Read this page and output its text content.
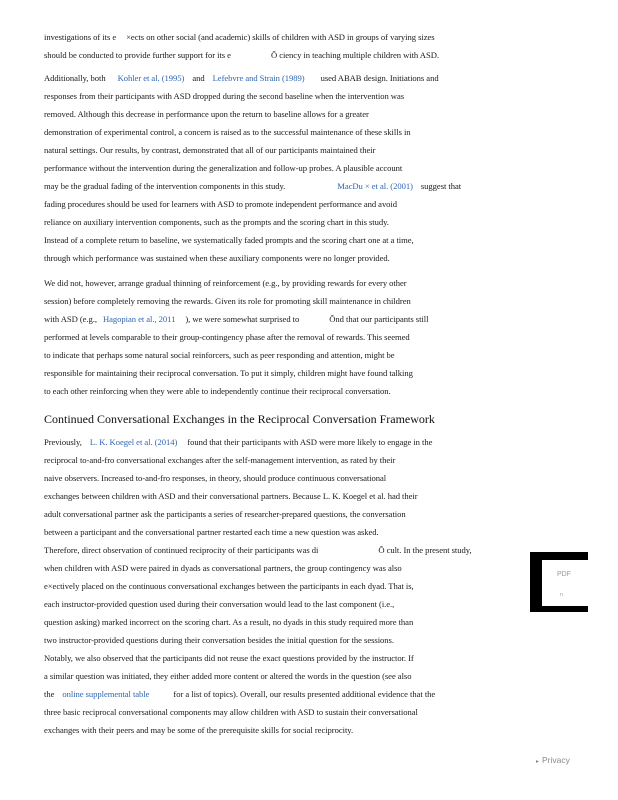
investigations of its e ×ects on other social (and academic) skills of children with ASD in groups of varying sizes
should be conducted to provide further support for its e	Õ ciency in teaching multiple children with ASD.
Additionally, both Kohler et al. (1995) and Lefebvre and Strain (1989) used ABAB design. Initiations and
responses from their participants with ASD dropped during the second baseline when the intervention was
removed. Although this decrease in performance upon the return to baseline allows for a greater
demonstration of experimental control, a concern is raised as to the successful maintenance of these skills in
natural settings. Our results, by contrast, demonstrated that all of our participants maintained their
performance without the intervention during the generalization and follow-up probes. A plausible account
may be the gradual fading of the intervention components in this study.	MacDu × et al. (2001) suggest that
fading procedures should be used for learners with ASD to promote independent performance and avoid
reliance on auxiliary intervention components, such as the prompts and the scoring chart in this study.
Instead of a complete return to baseline, we systematically faded prompts and the scoring chart one at a time,
through which performance was sustained when these auxiliary components were no longer provided.
We did not, however, arrange gradual thinning of reinforcement (e.g., by providing rewards for every other
session) before completely removing the rewards. Given its role for promoting skill maintenance in children
with ASD (e.g., Hagopian et al., 2011 ), we were somewhat surprised to	Õnd that our participants still
performed at levels comparable to their group-contingency phase after the removal of rewards. This seemed
to indicate that perhaps some natural social reinforcers, such as peer responding and attention, might be
responsible for maintaining their reciprocal conversation. To put it simply, children might have found talking
to each other reinforcing when they were able to independently continue their reciprocal conversation.
Continued Conversational Exchanges in the Reciprocal Conversation Framework
Previously, L. K. Koegel et al. (2014) found that their participants with ASD were more likely to engage in the
reciprocal to-and-fro conversational exchanges after the self-management intervention, as rated by their
naive observers. Increased to-and-fro responses, in theory, should produce continuous conversational
exchanges between children with ASD and their conversational partners. Because L. K. Koegel et al. had their
adult conversational partner ask the participants a series of researcher-prepared questions, the conversation
between a participant and the conversational partner restarted each time a new question was asked.
Therefore, direct observation of continued reciprocity of their participants was di	Õ cult. In the present study,
when children with ASD were paired in dyads as conversational partners, the group contingency was also
e×ectively placed on the continuous conversational exchanges between the participants in each dyad. That is,
each instructor-provided question used during their conversation would lead to the last component (i.e.,
question asking) marked incorrect on the scoring chart. As a result, no dyads in this study required more than
two instructor-provided questions during their conversation besides the initial question for the sessions.
Notably, we also observed that the participants did not reuse the exact questions provided by the instructor. If
a similar question was initiated, they either added more content or altered the words in the question (see also
the online supplemental table	for a list of topics). Overall, our results presented additional evidence that the
three basic reciprocal conversational components may allow children with ASD to sustain their conversational
exchanges with their peers and may be some of the prerequisite skills for social reciprocity.
PDF
n
▸ Privacy
